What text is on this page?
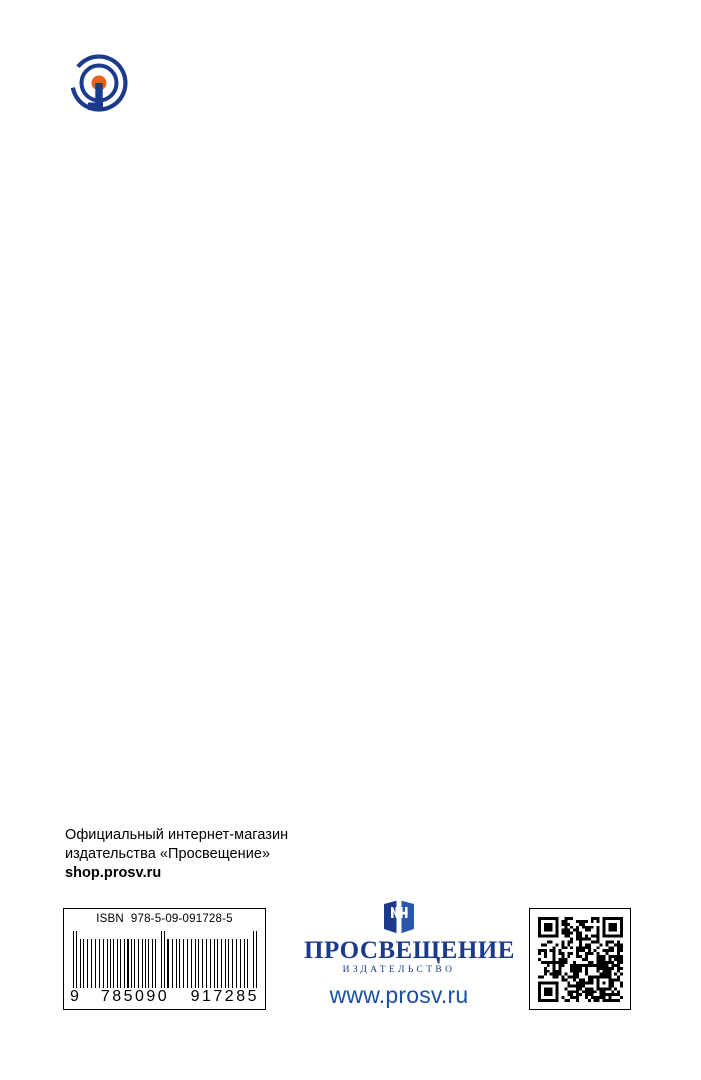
Официальный интернет-магазин
издательства «Просвещение»
shop.prosv.ru
ISBN 978-5-09-091728-5
9 785090 917285
ПРОСВЕЩЕНИЕ
ИЗДАТЕЛЬСТВО
www.prosv.ru
